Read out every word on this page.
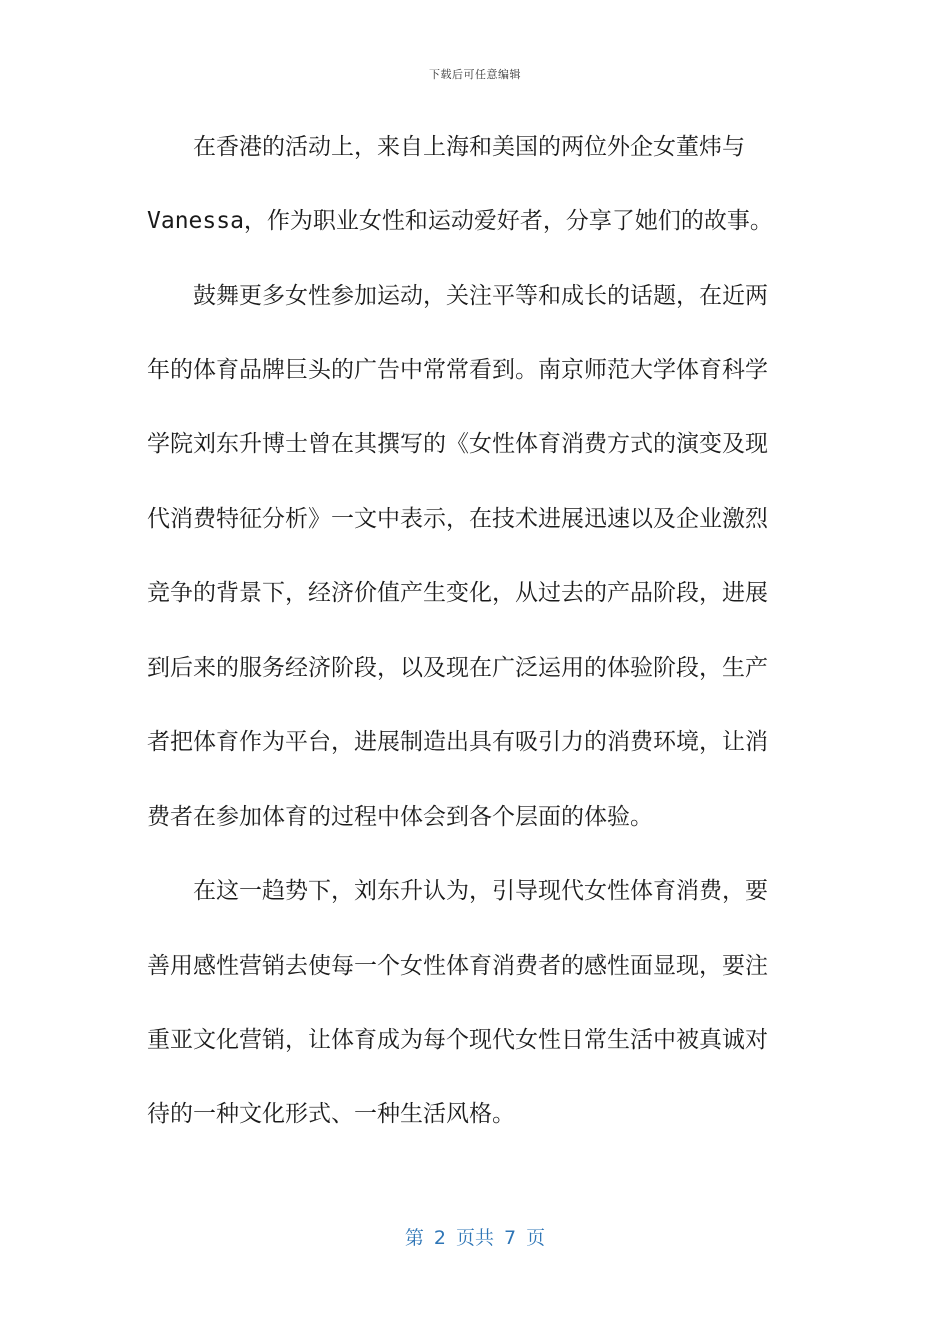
下载后可任意编辑
在香港的活动上，来自上海和美国的两位外企女董炜与
Vanessa，作为职业女性和运动爱好者，分享了她们的故事。
鼓舞更多女性参加运动，关注平等和成长的话题，在近两
年的体育品牌巨头的广告中常常看到。南京师范大学体育科学
学院刘东升博士曾在其撰写的《女性体育消费方式的演变及现
代消费特征分析》一文中表示，在技术进展迅速以及企业激烈
竞争的背景下，经济价值产生变化，从过去的产品阶段，进展
到后来的服务经济阶段，以及现在广泛运用的体验阶段，生产
者把体育作为平台，进展制造出具有吸引力的消费环境，让消
费者在参加体育的过程中体会到各个层面的体验。
在这一趋势下，刘东升认为，引导现代女性体育消费，要
善用感性营销去使每一个女性体育消费者的感性面显现，要注
重亚文化营销，让体育成为每个现代女性日常生活中被真诚对
待的一种文化形式、一种生活风格。
第 2 页共 7 页
